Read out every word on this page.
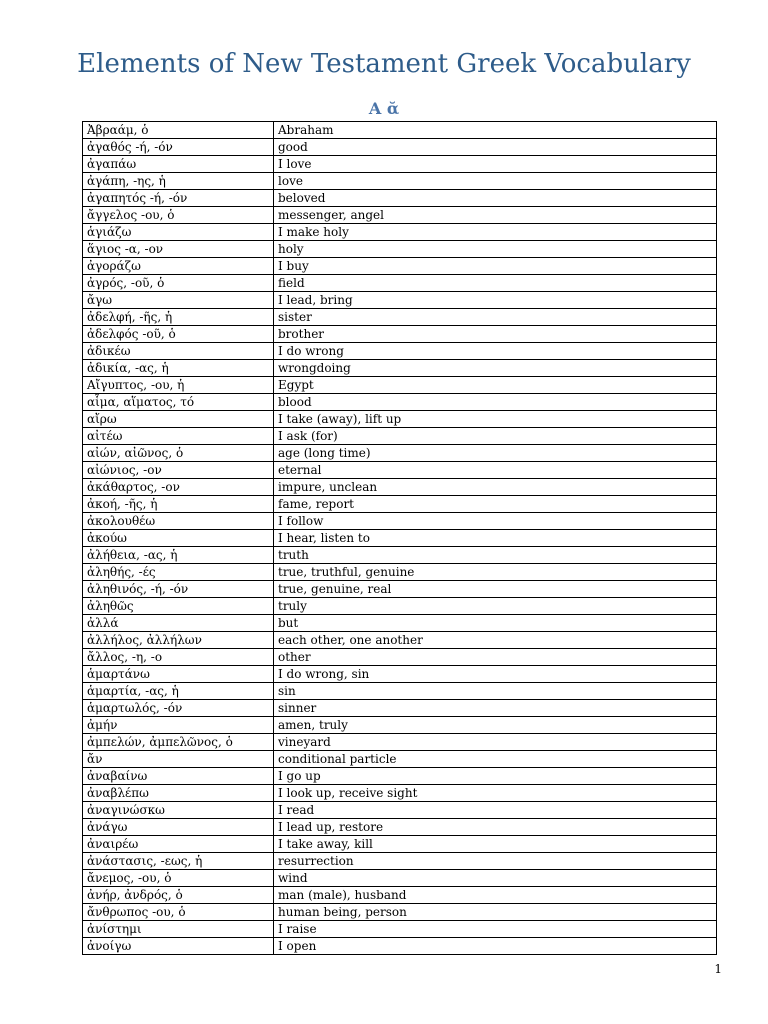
Elements of New Testament Greek Vocabulary
Α ᾰ
Ἀβραάμ, ὁ	Abraham
ἀγαθός -ή, -όν	good
ἀγαπάω	I love
ἀγάπη, -ης, ἡ	love
ἀγαπητός -ή, -όν	beloved
ἄγγελος -ου, ὁ	messenger, angel
ἁγιάζω	I make holy
ἅγιος -α, -ον	holy
ἀγοράζω	I buy
ἀγρός, -οῦ, ὁ	field
ἄγω	I lead, bring
ἀδελφή, -ῆς, ἡ	sister
ἀδελφός -οῦ, ὁ	brother
ἀδικέω	I do wrong
ἀδικία, -ας, ἡ	wrongdoing
Αἴγυπτος, -ου, ἡ	Egypt
αἷμα, αἵματος, τό	blood
αἴρω	I take (away), lift up
αἰτέω	I ask (for)
αἰών, αἰῶνος, ὁ	age (long time)
αἰώνιος, -ον	eternal
ἀκάθαρτος, -ον	impure, unclean
ἀκοή, -ῆς, ἡ	fame, report
ἀκολουθέω	I follow
ἀκούω	I hear, listen to
ἀλήθεια, -ας, ἡ	truth
ἀληθής, -ές	true, truthful, genuine
ἀληθινός, -ή, -όν	true, genuine, real
ἀληθῶς	truly
ἀλλά	but
ἀλλήλος, ἀλλήλων	each other, one another
ἄλλος, -η, -ο	other
ἁμαρτάνω	I do wrong, sin
ἁμαρτία, -ας, ἡ	sin
ἁμαρτωλός, -όν	sinner
ἀμήν	amen, truly
ἀμπελών, ἀμπελῶνος, ὁ	vineyard
ἄν	conditional particle
ἀναβαίνω	I go up
ἀναβλέπω	I look up, receive sight
ἀναγινώσκω	I read
ἀνάγω	I lead up, restore
ἀναιρέω	I take away, kill
ἀνάστασις, -εως, ἡ	resurrection
ἄνεμος, -ου, ὁ	wind
ἀνήρ, ἀνδρός, ὁ	man (male), husband
ἄνθρωπος -ου, ὁ	human being, person
ἀνίστημι	I raise
ἀνοίγω	I open
1
